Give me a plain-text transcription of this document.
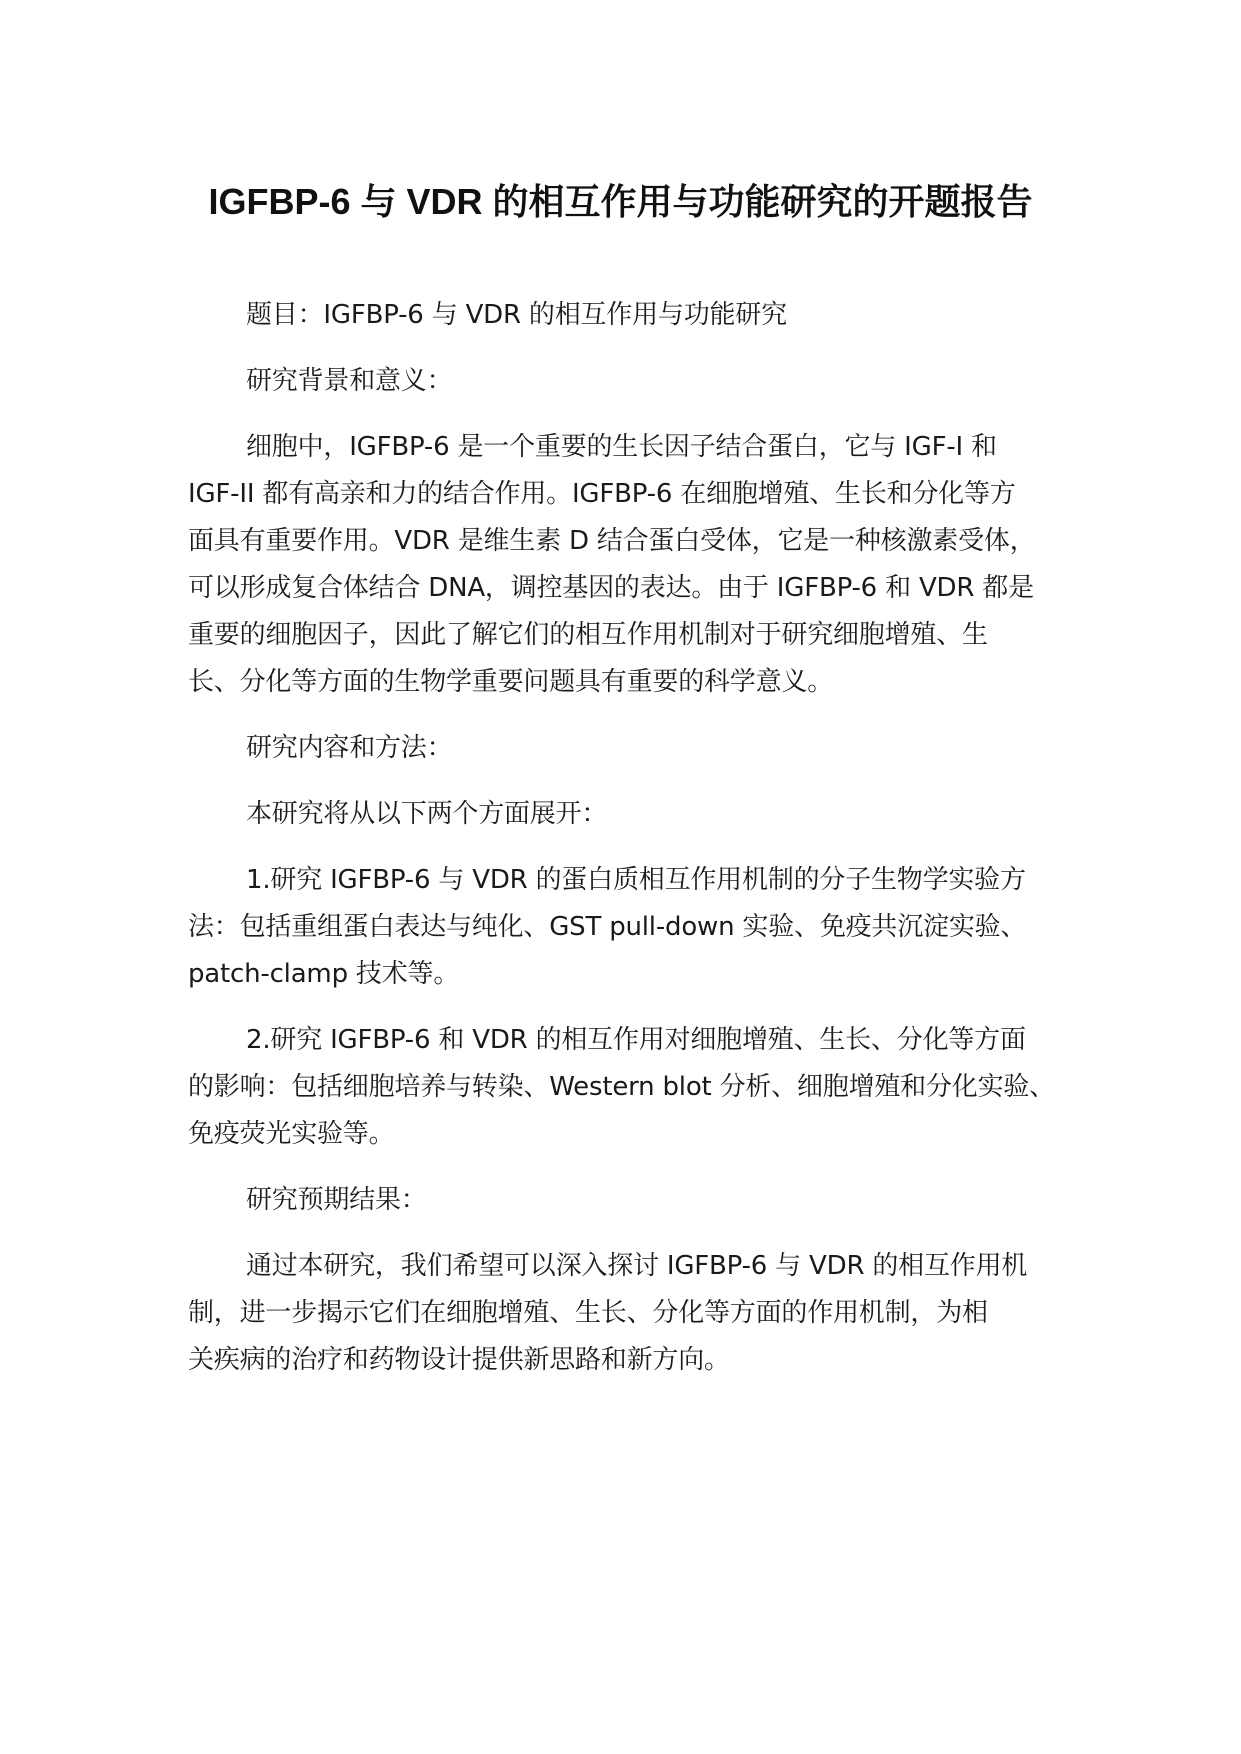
IGFBP-6 与 VDR 的相互作用与功能研究的开题报告

题目：IGFBP-6 与 VDR 的相互作用与功能研究

研究背景和意义：

细胞中，IGFBP-6 是一个重要的生长因子结合蛋白，它与 IGF-I 和
IGF-II 都有高亲和力的结合作用。IGFBP-6 在细胞增殖、生长和分化等方
面具有重要作用。VDR 是维生素 D 结合蛋白受体，它是一种核激素受体，
可以形成复合体结合 DNA，调控基因的表达。由于 IGFBP-6 和 VDR 都是
重要的细胞因子，因此了解它们的相互作用机制对于研究细胞增殖、生
长、分化等方面的生物学重要问题具有重要的科学意义。

研究内容和方法：

本研究将从以下两个方面展开：

1.研究 IGFBP-6 与 VDR 的蛋白质相互作用机制的分子生物学实验方
法：包括重组蛋白表达与纯化、GST pull-down 实验、免疫共沉淀实验、
patch-clamp 技术等。

2.研究 IGFBP-6 和 VDR 的相互作用对细胞增殖、生长、分化等方面
的影响：包括细胞培养与转染、Western blot 分析、细胞增殖和分化实验、
免疫荧光实验等。

研究预期结果：

通过本研究，我们希望可以深入探讨 IGFBP-6 与 VDR 的相互作用机
制，进一步揭示它们在细胞增殖、生长、分化等方面的作用机制，为相
关疾病的治疗和药物设计提供新思路和新方向。
